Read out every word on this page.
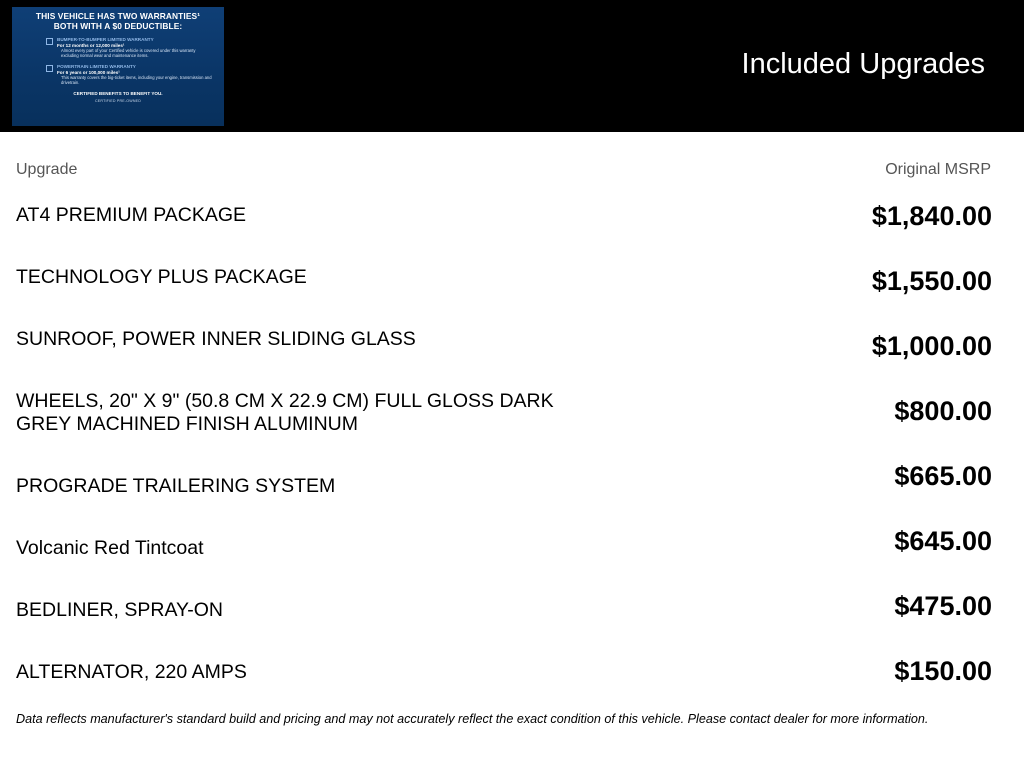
THIS VEHICLE HAS TWO WARRANTIES¹
BOTH WITH A $0 DEDUCTIBLE:
BUMPER-TO-BUMPER LIMITED WARRANTY
For 12 months or 12,000 miles¹
Almost every part of your Certified vehicle is covered under this warranty excluding normal wear and maintenance items.
POWERTRAIN LIMITED WARRANTY
For 6 years or 100,000 miles¹
This warranty covers the big-ticket items, including your engine, transmission and drivetrain.
CERTIFIED BENEFITS TO BENEFIT YOU.
CERTIFIED PRE-OWNED
Included Upgrades
Upgrade	Original MSRP
AT4 PREMIUM PACKAGE	$1,840.00
TECHNOLOGY PLUS PACKAGE	$1,550.00
SUNROOF, POWER INNER SLIDING GLASS	$1,000.00
WHEELS, 20" X 9" (50.8 CM X 22.9 CM) FULL GLOSS DARK GREY MACHINED FINISH ALUMINUM	$800.00
PROGRADE TRAILERING SYSTEM	$665.00
Volcanic Red Tintcoat	$645.00
BEDLINER, SPRAY-ON	$475.00
ALTERNATOR, 220 AMPS	$150.00
Data reflects manufacturer's standard build and pricing and may not accurately reflect the exact condition of this vehicle. Please contact dealer for more information.
